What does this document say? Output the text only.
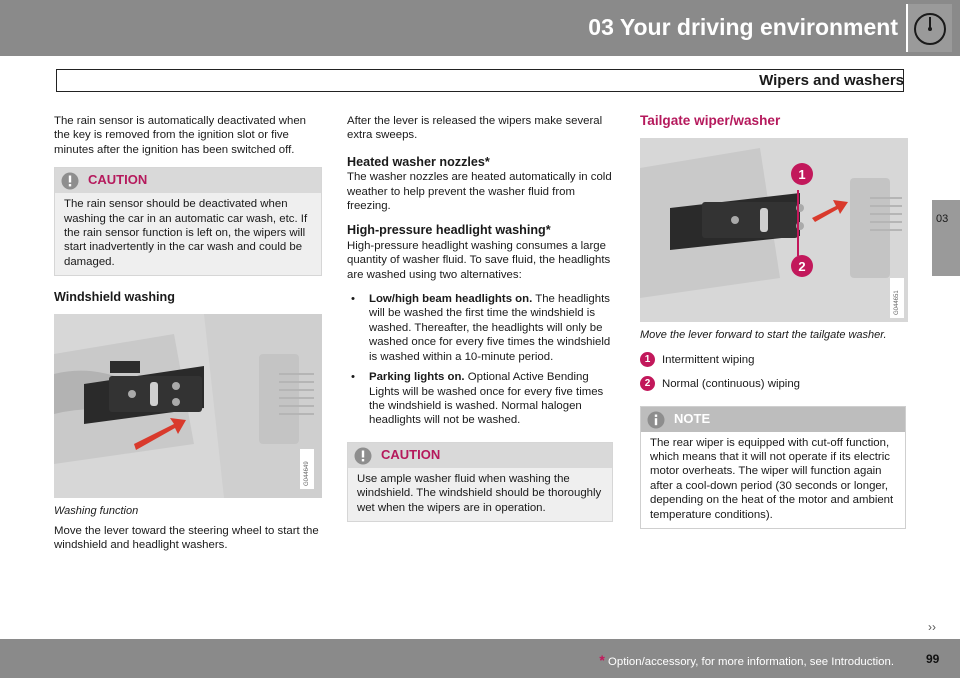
03 Your driving environment
Wipers and washers
03

The rain sensor is automatically deactivated when the key is removed from the ignition slot or five minutes after the ignition has been switched off.

CAUTION
The rain sensor should be deactivated when washing the car in an automatic car wash, etc. If the rain sensor function is left on, the wipers will start inadvertently in the car wash and could be damaged.
Windshield washing
G044649
Washing function

Move the lever toward the steering wheel to start the windshield and headlight washers.

After the lever is released the wipers make several extra sweeps.

Heated washer nozzles*

The washer nozzles are heated automatically in cold weather to help prevent the washer fluid from freezing.

High-pressure headlight washing*

High-pressure headlight washing consumes a large quantity of washer fluid. To save fluid, the headlights are washed using two alternatives:

• Low/high beam headlights on. The headlights will be washed the first time the windshield is washed. Thereafter, the headlights will only be washed once for every five times the windshield is washed within a 10-minute period.
• Parking lights on. Optional Active Bending Lights will be washed once for every five times the windshield is washed. Normal halogen headlights will not be washed.
CAUTION
Use ample washer fluid when washing the windshield. The windshield should be thoroughly wet when the wipers are in operation.
Tailgate wiper/washer
1
2
G044651
Move the lever forward to start the tailgate washer.
1	Intermittent wiping
2	Normal (continuous) wiping
NOTE
The rear wiper is equipped with cut-off function, which means that it will not operate if its electric motor overheats. The wiper will function again after a cool-down period (30 seconds or longer, depending on the heat of the motor and ambient temperature conditions).
››
* Option/accessory, for more information, see Introduction.	99
